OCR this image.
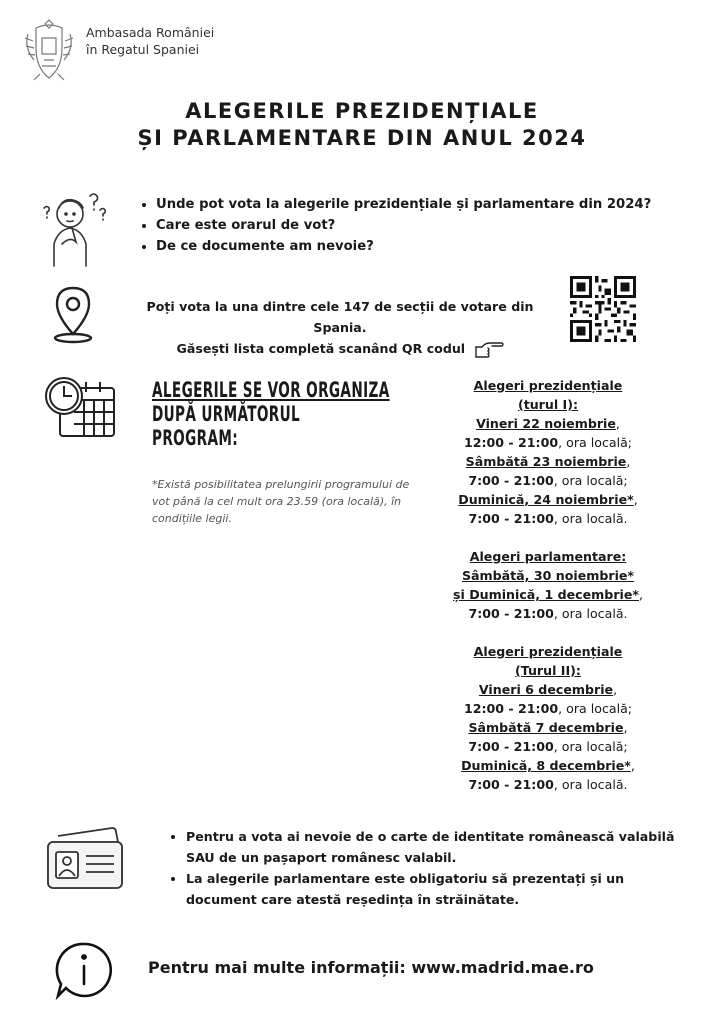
Ambasada României
în Regatul Spaniei
ALEGERILE PREZIDENȚIALE
ȘI PARLAMENTARE DIN ANUL 2024
• Unde pot vota la alegerile prezidențiale și parlamentare din 2024?
• Care este orarul de vot?
• De ce documente am nevoie?
Poți vota la una dintre cele 147 de secții de votare din Spania.
Găsești lista completă scanând QR codul
ALEGERILE SE VOR ORGANIZA
DUPĂ URMĂTORUL PROGRAM:
*Există posibilitatea prelungirii programului de vot până la cel mult ora 23.59 (ora locală), în condițiile legii.
Alegeri prezidențiale
(turul I):
Vineri 22 noiembrie,
12:00 - 21:00, ora locală;
Sâmbătă 23 noiembrie,
7:00 - 21:00, ora locală;
Duminică, 24 noiembrie*,
7:00 - 21:00, ora locală.
Alegeri parlamentare:
Sâmbătă, 30 noiembrie*
și Duminică, 1 decembrie*,
7:00 - 21:00, ora locală.
Alegeri prezidențiale
(Turul II):
Vineri 6 decembrie,
12:00 - 21:00, ora locală;
Sâmbătă 7 decembrie,
7:00 - 21:00, ora locală;
Duminică, 8 decembrie*,
7:00 - 21:00, ora locală.
• Pentru a vota ai nevoie de o carte de identitate românească valabilă SAU de un pașaport românesc valabil.
• La alegerile parlamentare este obligatoriu să prezentați și un document care atestă reședința în străinătate.
Pentru mai multe informații: www.madrid.mae.ro
